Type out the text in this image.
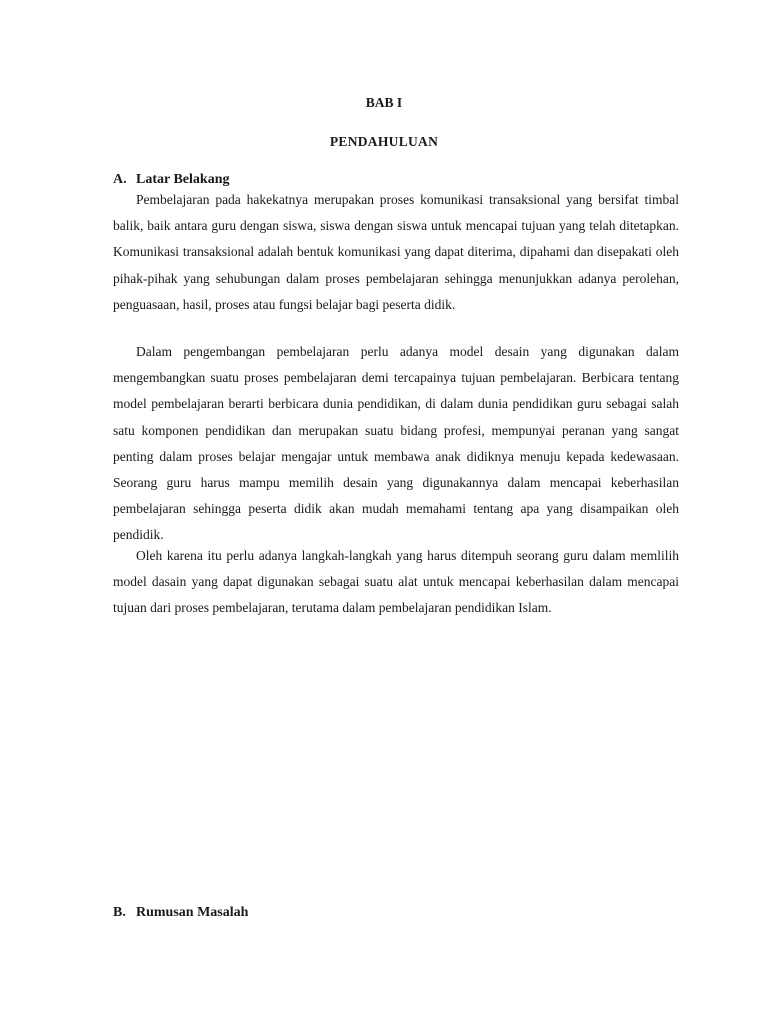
BAB I
PENDAHULUAN
A. Latar Belakang

Pembelajaran pada hakekatnya merupakan proses komunikasi transaksional yang bersifat timbal balik, baik antara guru dengan siswa, siswa dengan siswa untuk mencapai tujuan yang telah ditetapkan. Komunikasi transaksional adalah bentuk komunikasi yang dapat diterima, dipahami dan disepakati oleh pihak-pihak yang sehubungan dalam proses pembelajaran sehingga menunjukkan adanya perolehan, penguasaan, hasil, proses atau fungsi belajar bagi peserta didik.

Dalam pengembangan pembelajaran perlu adanya model desain yang digunakan dalam mengembangkan suatu proses pembelajaran demi tercapainya tujuan pembelajaran. Berbicara tentang model pembelajaran berarti berbicara dunia pendidikan, di dalam dunia pendidikan guru sebagai salah satu komponen pendidikan dan merupakan suatu bidang profesi, mempunyai peranan yang sangat penting dalam proses belajar mengajar untuk membawa anak didiknya menuju kepada kedewasaan. Seorang guru harus mampu memilih desain yang digunakannya dalam mencapai keberhasilan pembelajaran sehingga peserta didik akan mudah memahami tentang apa yang disampaikan oleh pendidik.

Oleh karena itu perlu adanya langkah-langkah yang harus ditempuh seorang guru dalam memlilih model dasain yang dapat digunakan sebagai suatu alat untuk mencapai keberhasilan dalam mencapai tujuan dari proses pembelajaran, terutama dalam pembelajaran pendidikan Islam.

B. Rumusan Masalah
